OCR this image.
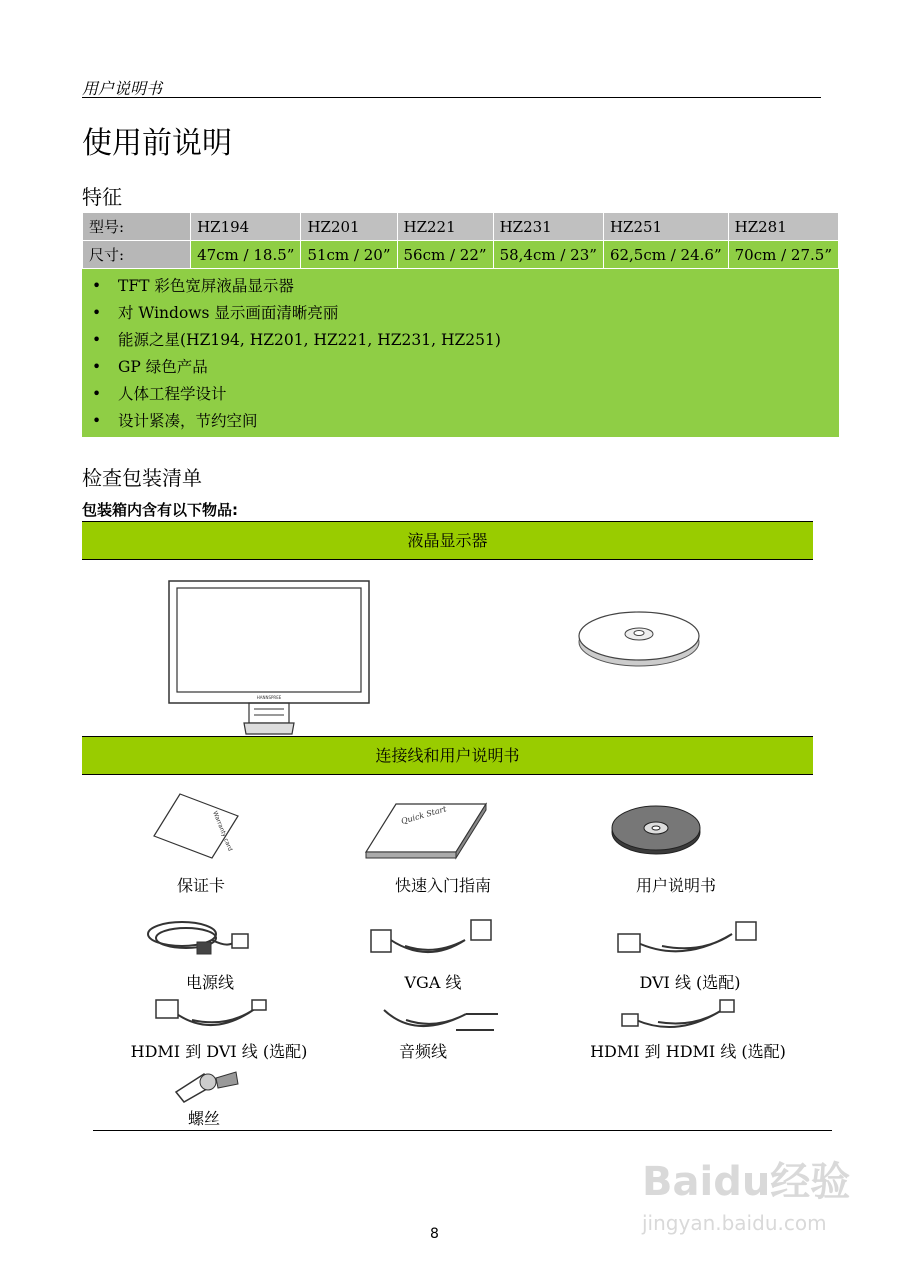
用户说明书
使用前说明
特征
型号:	HZ194	HZ201	HZ221	HZ231	HZ251	HZ281
尺寸:	47cm / 18.5”	51cm / 20”	56cm / 22”	58,4cm / 23”	62,5cm / 24.6”	70cm / 27.5”
• TFT 彩色宽屏液晶显示器
• 对 Windows 显示画面清晰亮丽
• 能源之星(HZ194, HZ201, HZ221, HZ231, HZ251)
• GP 绿色产品
• 人体工程学设计
• 设计紧凑，节约空间
检查包装清单
包装箱内含有以下物品:
液晶显示器
HANNSPREE
连接线和用户说明书
Warranty card
保证卡
Quick Start
快速入门指南	用户说明书
电源线	VGA 线	DVI 线 (选配)
HDMI 到 DVI 线 (选配)	音频线	HDMI 到 HDMI 线 (选配)
螺丝
8
Baidu经验
jingyan.baidu.com
